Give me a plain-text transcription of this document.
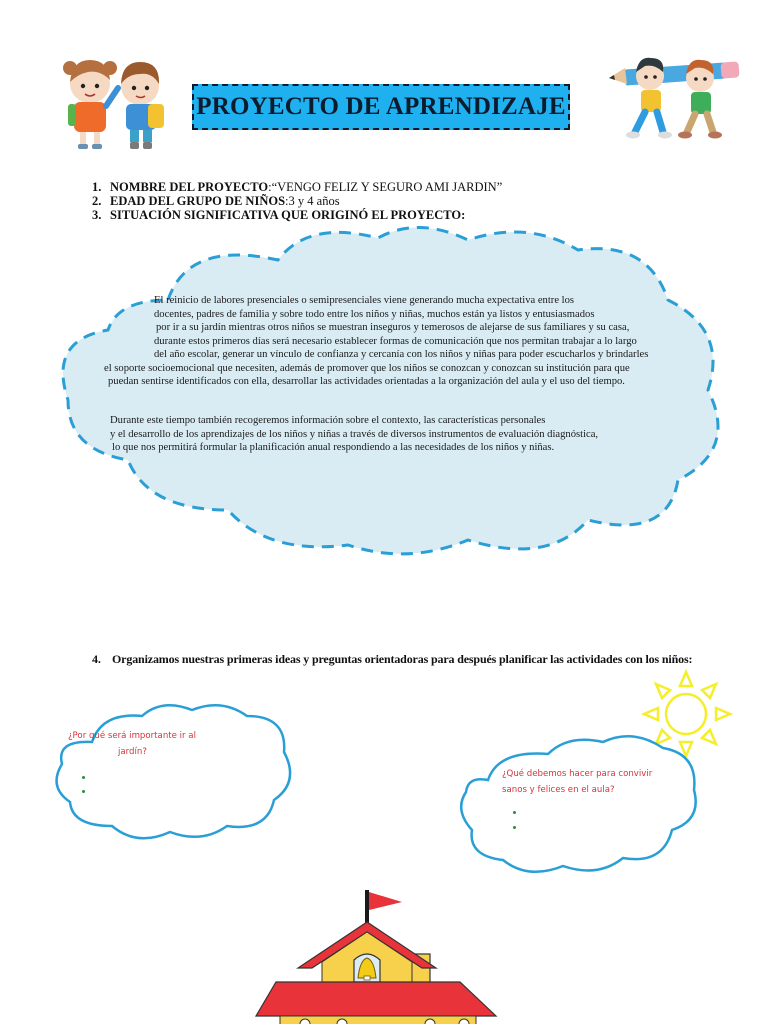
PROYECTO DE APRENDIZAJE
1. NOMBRE DEL PROYECTO : “VENGO FELIZ Y SEGURO AMI JARDIN”
2. EDAD DEL GRUPO DE NIÑOS : 3 y 4 años
3. SITUACIÓN SIGNIFICATIVA QUE ORIGINÓ EL PROYECTO:
El reinicio de labores presenciales o semipresenciales viene generando mucha expectativa entre los
docentes, padres de familia y sobre todo entre los niños y niñas, muchos están ya listos y entusiasmados
por ir a su jardín mientras otros niños se muestran inseguros y temerosos de alejarse de sus familiares y su casa,
durante estos primeros días será necesario establecer formas de comunicación que nos permitan trabajar a lo largo
del año escolar, generar un vínculo de confianza y cercanía con los niños y niñas para poder escucharlos y brindarles
el soporte socioemocional que necesiten, además de promover que los niños se conozcan y conozcan su institución para que
puedan sentirse identificados con ella, desarrollar las actividades orientadas a la organización del aula y el uso del tiempo.
Durante este tiempo también recogeremos información sobre el contexto, las características personales
y el desarrollo de los aprendizajes de los niños y niñas a través de diversos instrumentos de evaluación diagnóstica,
lo que nos permitirá formular la planificación anual respondiendo a las necesidades de los niños y niñas.
4. Organizamos nuestras primeras ideas y preguntas orientadoras para después planificar las actividades con los niños:
¿Por qué será importante ir al
jardín?
¿Qué debemos hacer para convivir
sanos y felices en el aula?
